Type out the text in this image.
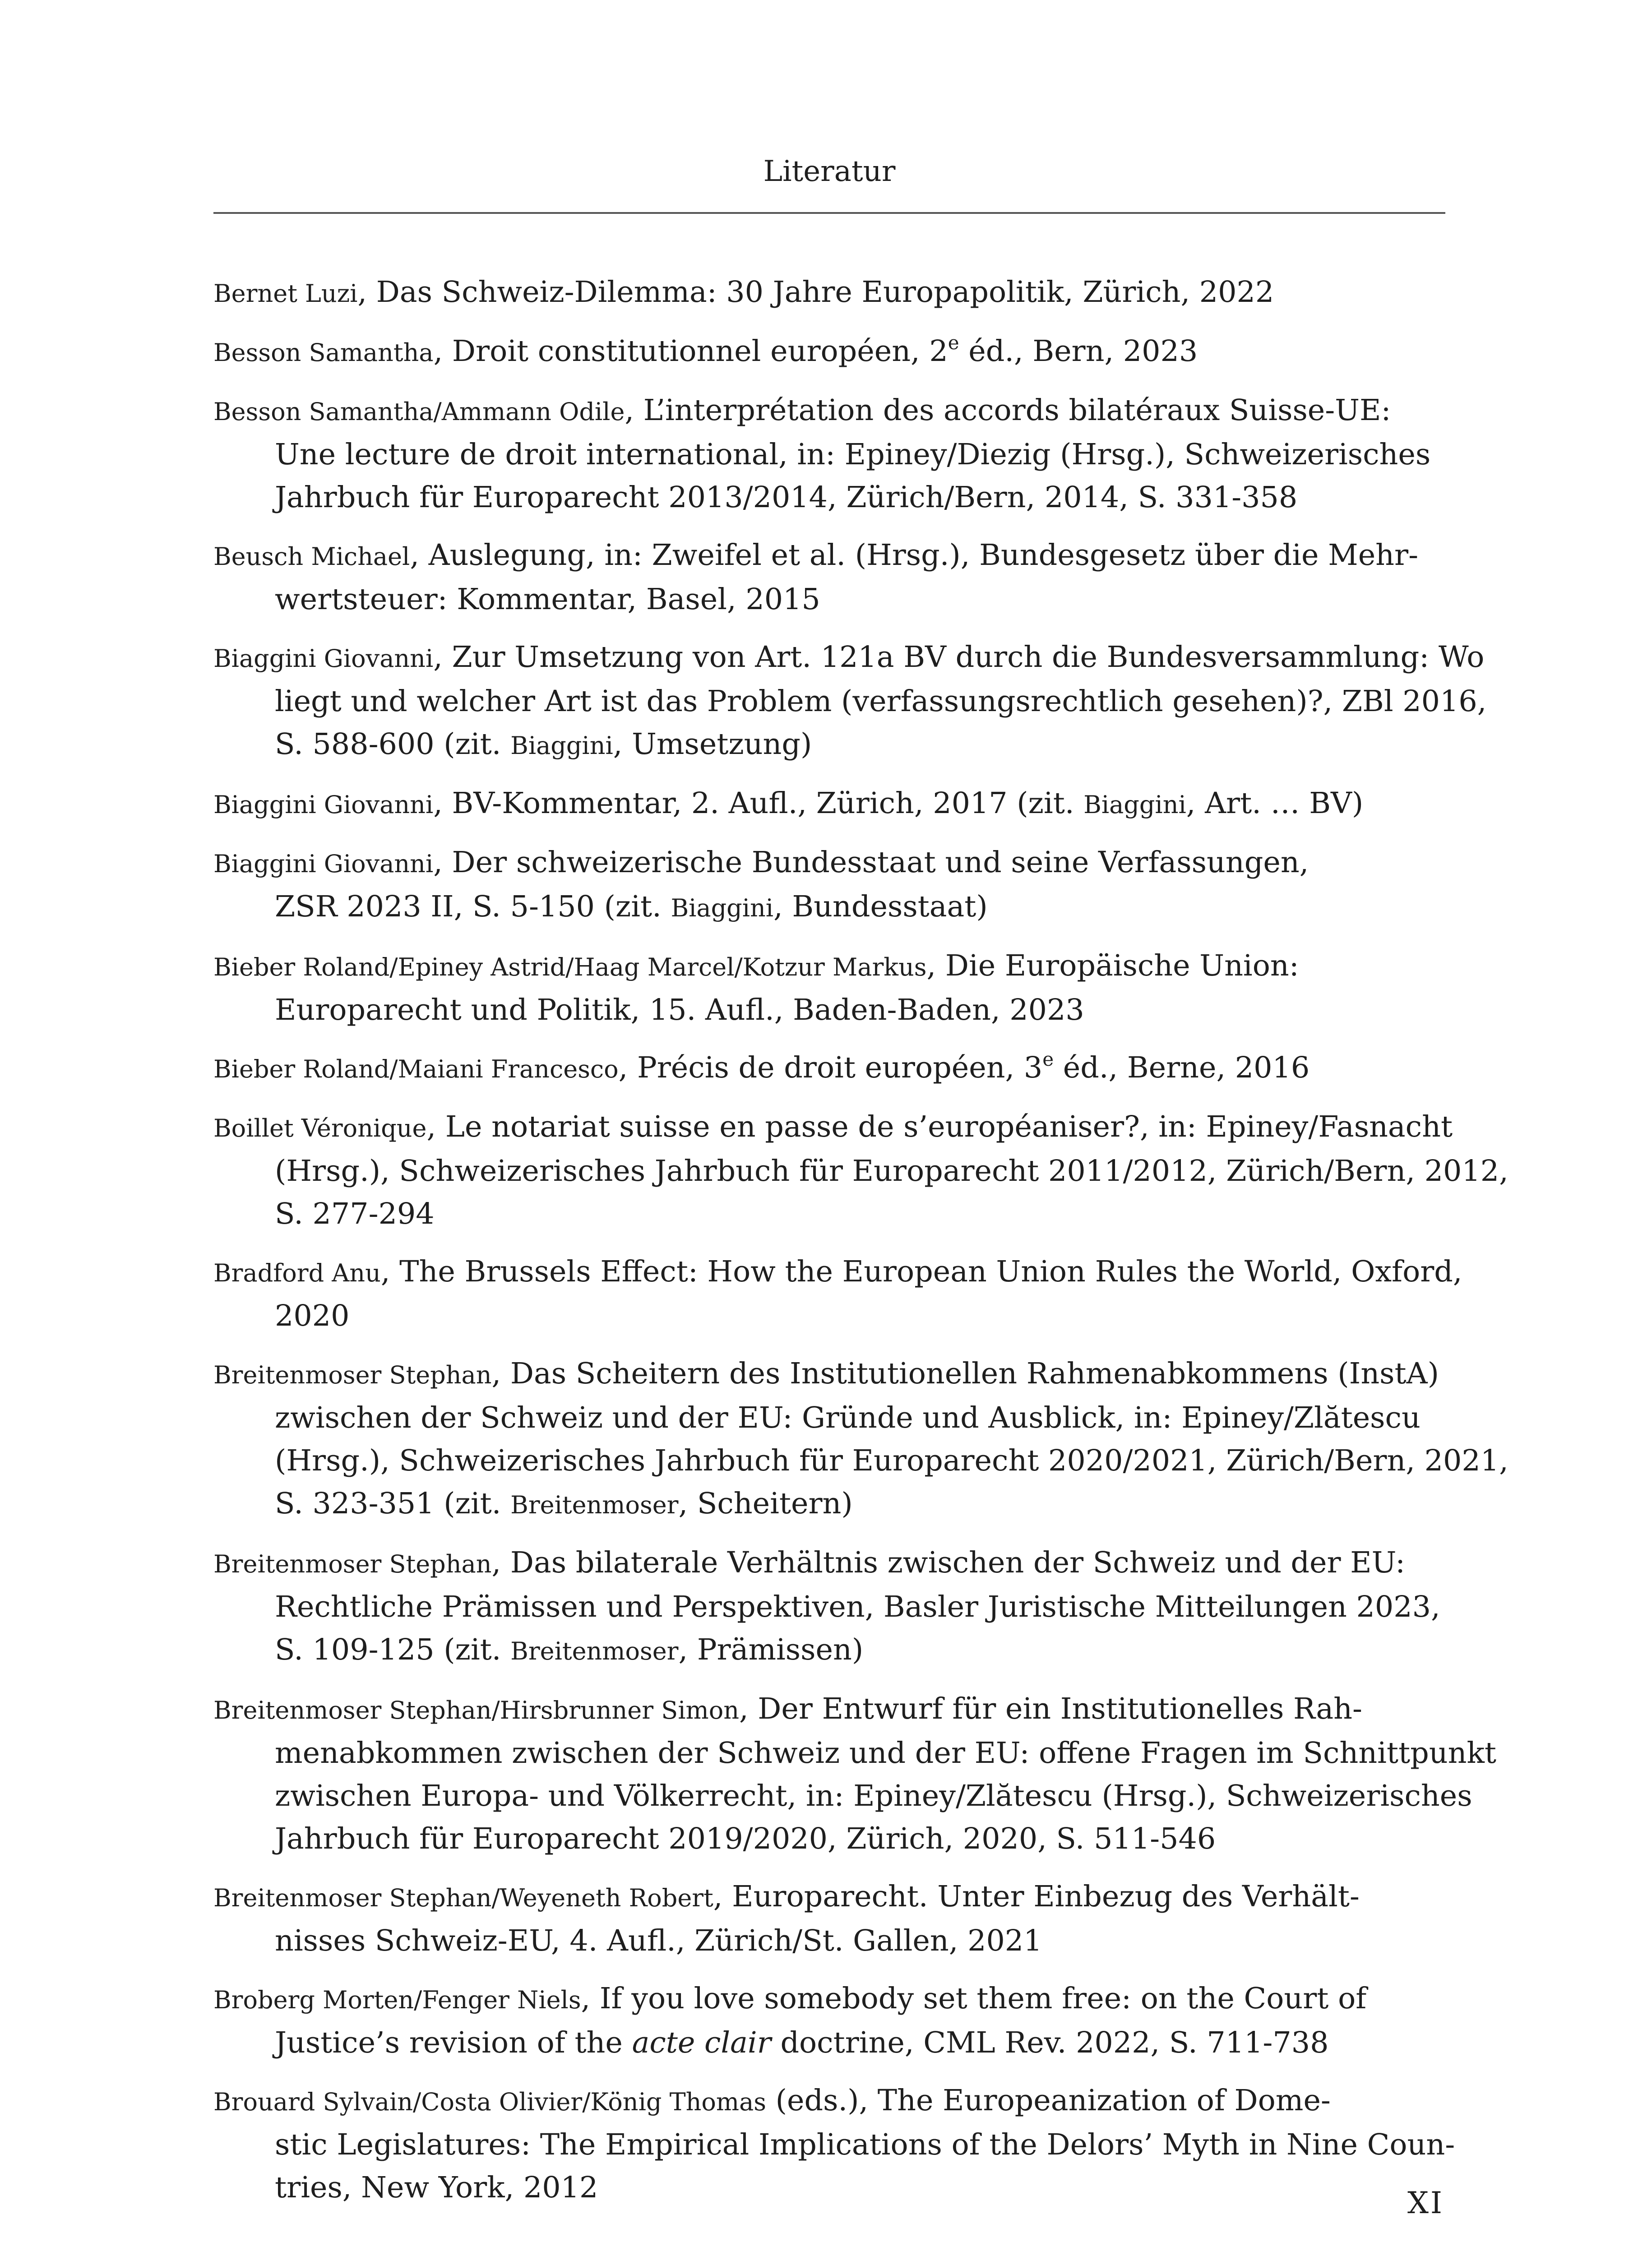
Literatur
Bernet Luzi, Das Schweiz-Dilemma: 30 Jahre Europapolitik, Zürich, 2022
Besson Samantha, Droit constitutionnel européen, 2e éd., Bern, 2023
Besson Samantha/Ammann Odile, L’interprétation des accords bilatéraux Suisse-UE:
Une lecture de droit international, in: Epiney/Diezig (Hrsg.), Schweizerisches
Jahrbuch für Europarecht 2013/2014, Zürich/Bern, 2014, S. 331-358
Beusch Michael, Auslegung, in: Zweifel et al. (Hrsg.), Bundesgesetz über die Mehr-
wertsteuer: Kommentar, Basel, 2015
Biaggini Giovanni, Zur Umsetzung von Art. 121a BV durch die Bundesversammlung: Wo
liegt und welcher Art ist das Problem (verfassungsrechtlich gesehen)?, ZBl 2016,
S. 588-600 (zit. Biaggini, Umsetzung)
Biaggini Giovanni, BV-Kommentar, 2. Aufl., Zürich, 2017 (zit. Biaggini, Art. … BV)
Biaggini Giovanni, Der schweizerische Bundesstaat und seine Verfassungen,
ZSR 2023 II, S. 5-150 (zit. Biaggini, Bundesstaat)
Bieber Roland/Epiney Astrid/Haag Marcel/Kotzur Markus, Die Europäische Union:
Europarecht und Politik, 15. Aufl., Baden-Baden, 2023
Bieber Roland/Maiani Francesco, Précis de droit européen, 3e éd., Berne, 2016
Boillet Véronique, Le notariat suisse en passe de s’européaniser?, in: Epiney/Fasnacht
(Hrsg.), Schweizerisches Jahrbuch für Europarecht 2011/2012, Zürich/Bern, 2012,
S. 277-294
Bradford Anu, The Brussels Effect: How the European Union Rules the World, Oxford,
2020
Breitenmoser Stephan, Das Scheitern des Institutionellen Rahmenabkommens (InstA)
zwischen der Schweiz und der EU: Gründe und Ausblick, in: Epiney/Zlătescu
(Hrsg.), Schweizerisches Jahrbuch für Europarecht 2020/2021, Zürich/Bern, 2021,
S. 323-351 (zit. Breitenmoser, Scheitern)
Breitenmoser Stephan, Das bilaterale Verhältnis zwischen der Schweiz und der EU:
Rechtliche Prämissen und Perspektiven, Basler Juristische Mitteilungen 2023,
S. 109-125 (zit. Breitenmoser, Prämissen)
Breitenmoser Stephan/Hirsbrunner Simon, Der Entwurf für ein Institutionelles Rah-
menabkommen zwischen der Schweiz und der EU: offene Fragen im Schnittpunkt
zwischen Europa- und Völkerrecht, in: Epiney/Zlătescu (Hrsg.), Schweizerisches
Jahrbuch für Europarecht 2019/2020, Zürich, 2020, S. 511-546
Breitenmoser Stephan/Weyeneth Robert, Europarecht. Unter Einbezug des Verhält-
nisses Schweiz-EU, 4. Aufl., Zürich/St. Gallen, 2021
Broberg Morten/Fenger Niels, If you love somebody set them free: on the Court of
Justice’s revision of the acte clair doctrine, CML Rev. 2022, S. 711-738
Brouard Sylvain/Costa Olivier/König Thomas (eds.), The Europeanization of Dome-
stic Legislatures: The Empirical Implications of the Delors’ Myth in Nine Coun-
tries, New York, 2012	XI
